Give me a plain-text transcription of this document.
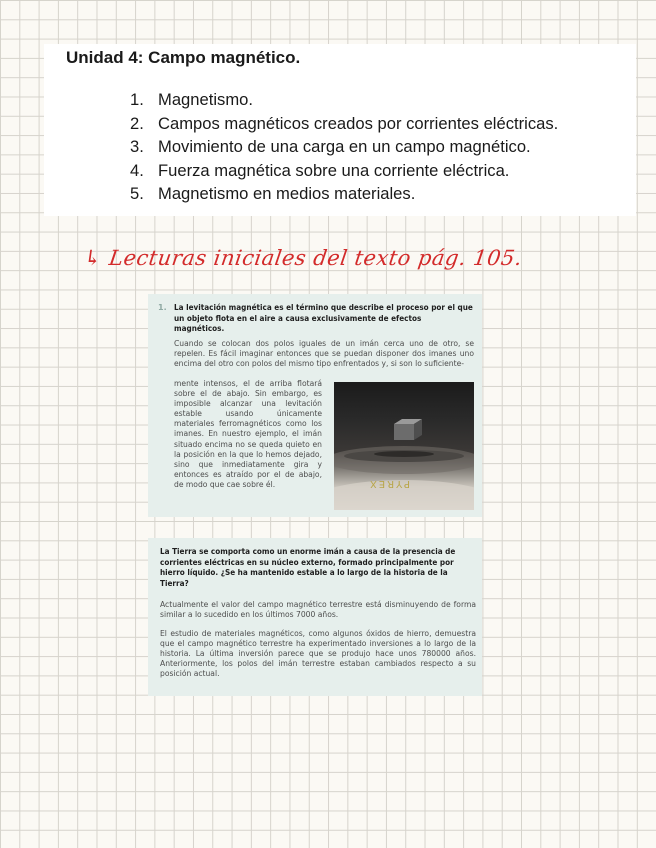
Unidad 4: Campo magnético.
1. Magnetismo.
2. Campos magnéticos creados por corrientes eléctricas.
3. Movimiento de una carga en un campo magnético.
4. Fuerza magnética sobre una corriente eléctrica.
5. Magnetismo en medios materiales.
↳ Lecturas iniciales del texto pág. 105.
1. La levitación magnética es el término que describe el proceso por el que un objeto flota en el aire a causa exclusivamente de efectos magnéticos.
Cuando se colocan dos polos iguales de un imán cerca uno de otro, se repelen. Es fácil imaginar entonces que se puedan disponer dos imanes uno encima del otro con polos del mismo tipo enfrentados y, si son lo suficiente-
mente intensos, el de arriba flotará sobre el de abajo. Sin embargo, es imposible alcanzar una levitación estable usando únicamente materiales ferromagnéticos como los imanes. En nuestro ejemplo, el imán situado encima no se queda quieto en la posición en la que lo hemos dejado, sino que inmediatamente gira y entonces es atraído por el de abajo, de modo que cae sobre él.	PYREX
La Tierra se comporta como un enorme imán a causa de la presencia de corrientes eléctricas en su núcleo externo, formado principalmente por hierro líquido. ¿Se ha mantenido estable a lo largo de la historia de la Tierra?
Actualmente el valor del campo magnético terrestre está disminuyendo de forma similar a lo sucedido en los últimos 7000 años.
El estudio de materiales magnéticos, como algunos óxidos de hierro, demuestra que el campo magnético terrestre ha experimentado inversiones a lo largo de la historia. La última inversión parece que se produjo hace unos 780000 años. Anteriormente, los polos del imán terrestre estaban cambiados respecto a su posición actual.
